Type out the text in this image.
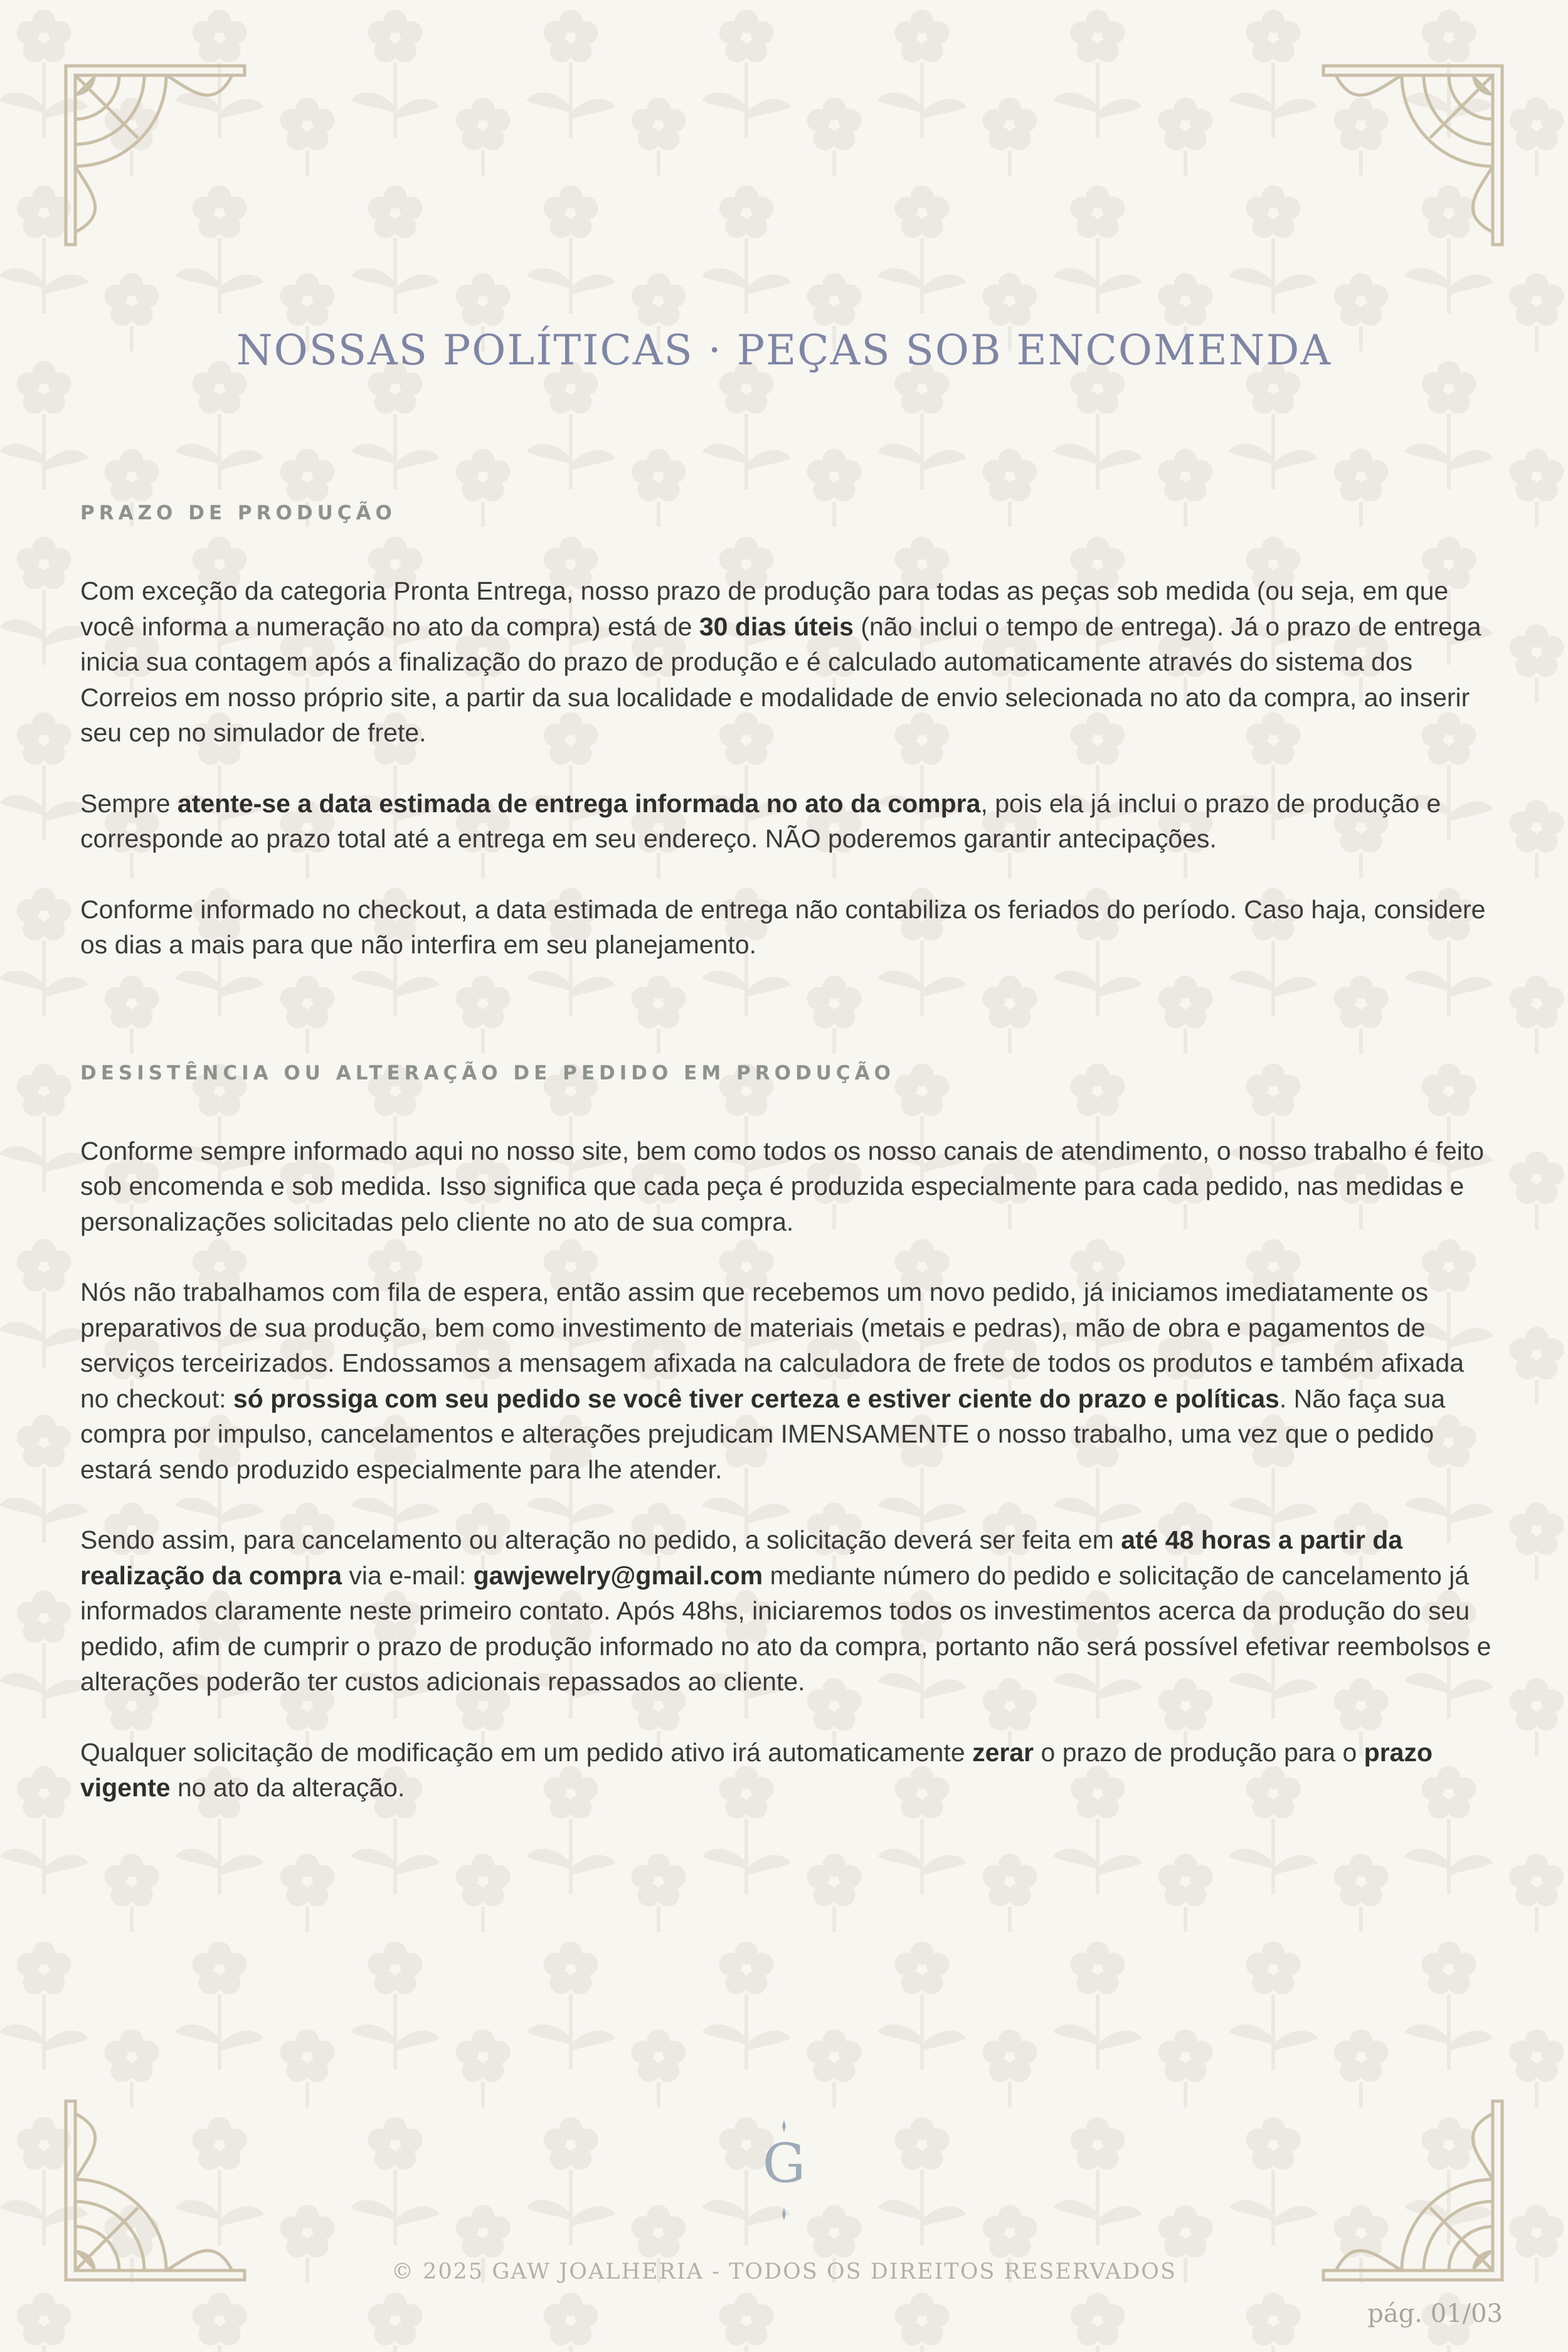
NOSSAS POLÍTICAS · PEÇAS SOB ENCOMENDA
PRAZO DE PRODUÇÃO

Com exceção da categoria Pronta Entrega, nosso prazo de produção para todas as peças sob medida (ou seja, em que você informa a numeração no ato da compra) está de 30 dias úteis (não inclui o tempo de entrega). Já o prazo de entrega inicia sua contagem após a finalização do prazo de produção e é calculado automaticamente através do sistema dos Correios em nosso próprio site, a partir da sua localidade e modalidade de envio selecionada no ato da compra, ao inserir seu cep no simulador de frete.

Sempre atente-se a data estimada de entrega informada no ato da compra, pois ela já inclui o prazo de produção e corresponde ao prazo total até a entrega em seu endereço. NÃO poderemos garantir antecipações.

Conforme informado no checkout, a data estimada de entrega não contabiliza os feriados do período. Caso haja, considere os dias a mais para que não interfira em seu planejamento.

DESISTÊNCIA OU ALTERAÇÃO DE PEDIDO EM PRODUÇÃO

Conforme sempre informado aqui no nosso site, bem como todos os nosso canais de atendimento, o nosso trabalho é feito sob encomenda e sob medida. Isso significa que cada peça é produzida especialmente para cada pedido, nas medidas e personalizações solicitadas pelo cliente no ato de sua compra.

Nós não trabalhamos com fila de espera, então assim que recebemos um novo pedido, já iniciamos imediatamente os preparativos de sua produção, bem como investimento de materiais (metais e pedras), mão de obra e pagamentos de serviços terceirizados. Endossamos a mensagem afixada na calculadora de frete de todos os produtos e também afixada no checkout: só prossiga com seu pedido se você tiver certeza e estiver ciente do prazo e políticas. Não faça sua compra por impulso, cancelamentos e alterações prejudicam IMENSAMENTE o nosso trabalho, uma vez que o pedido estará sendo produzido especialmente para lhe atender.

Sendo assim, para cancelamento ou alteração no pedido, a solicitação deverá ser feita em até 48 horas a partir da realização da compra via e-mail: gawjewelry@gmail.com mediante número do pedido e solicitação de cancelamento já informados claramente neste primeiro contato. Após 48hs, iniciaremos todos os investimentos acerca da produção do seu pedido, afim de cumprir o prazo de produção informado no ato da compra, portanto não será possível efetivar reembolsos e alterações poderão ter custos adicionais repassados ao cliente.

Qualquer solicitação de modificação em um pedido ativo irá automaticamente zerar o prazo de produção para o prazo vigente no ato da alteração.

G

© 2025 GAW JOALHERIA - TODOS OS DIREITOS RESERVADOS
pág. 01/03
